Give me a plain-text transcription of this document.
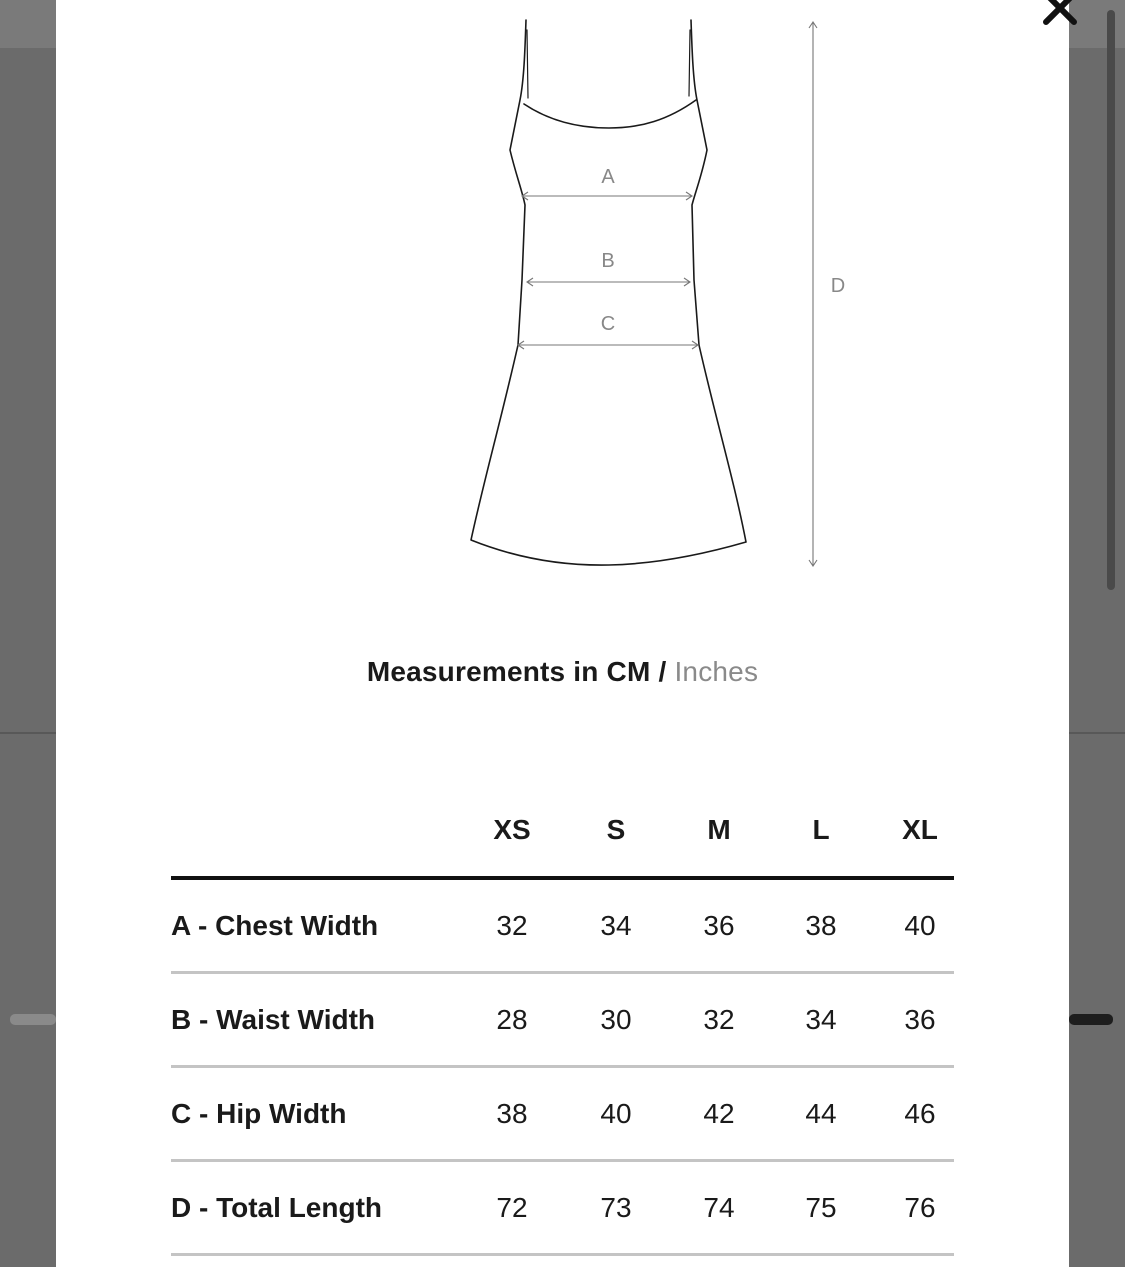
A
B
C
D
Measurements in CM / Inches
XS	S	M	L	XL
A - Chest Width	32	34	36	38	40
B - Waist Width	28	30	32	34	36
C - Hip Width	38	40	42	44	46
D - Total Length	72	73	74	75	76
